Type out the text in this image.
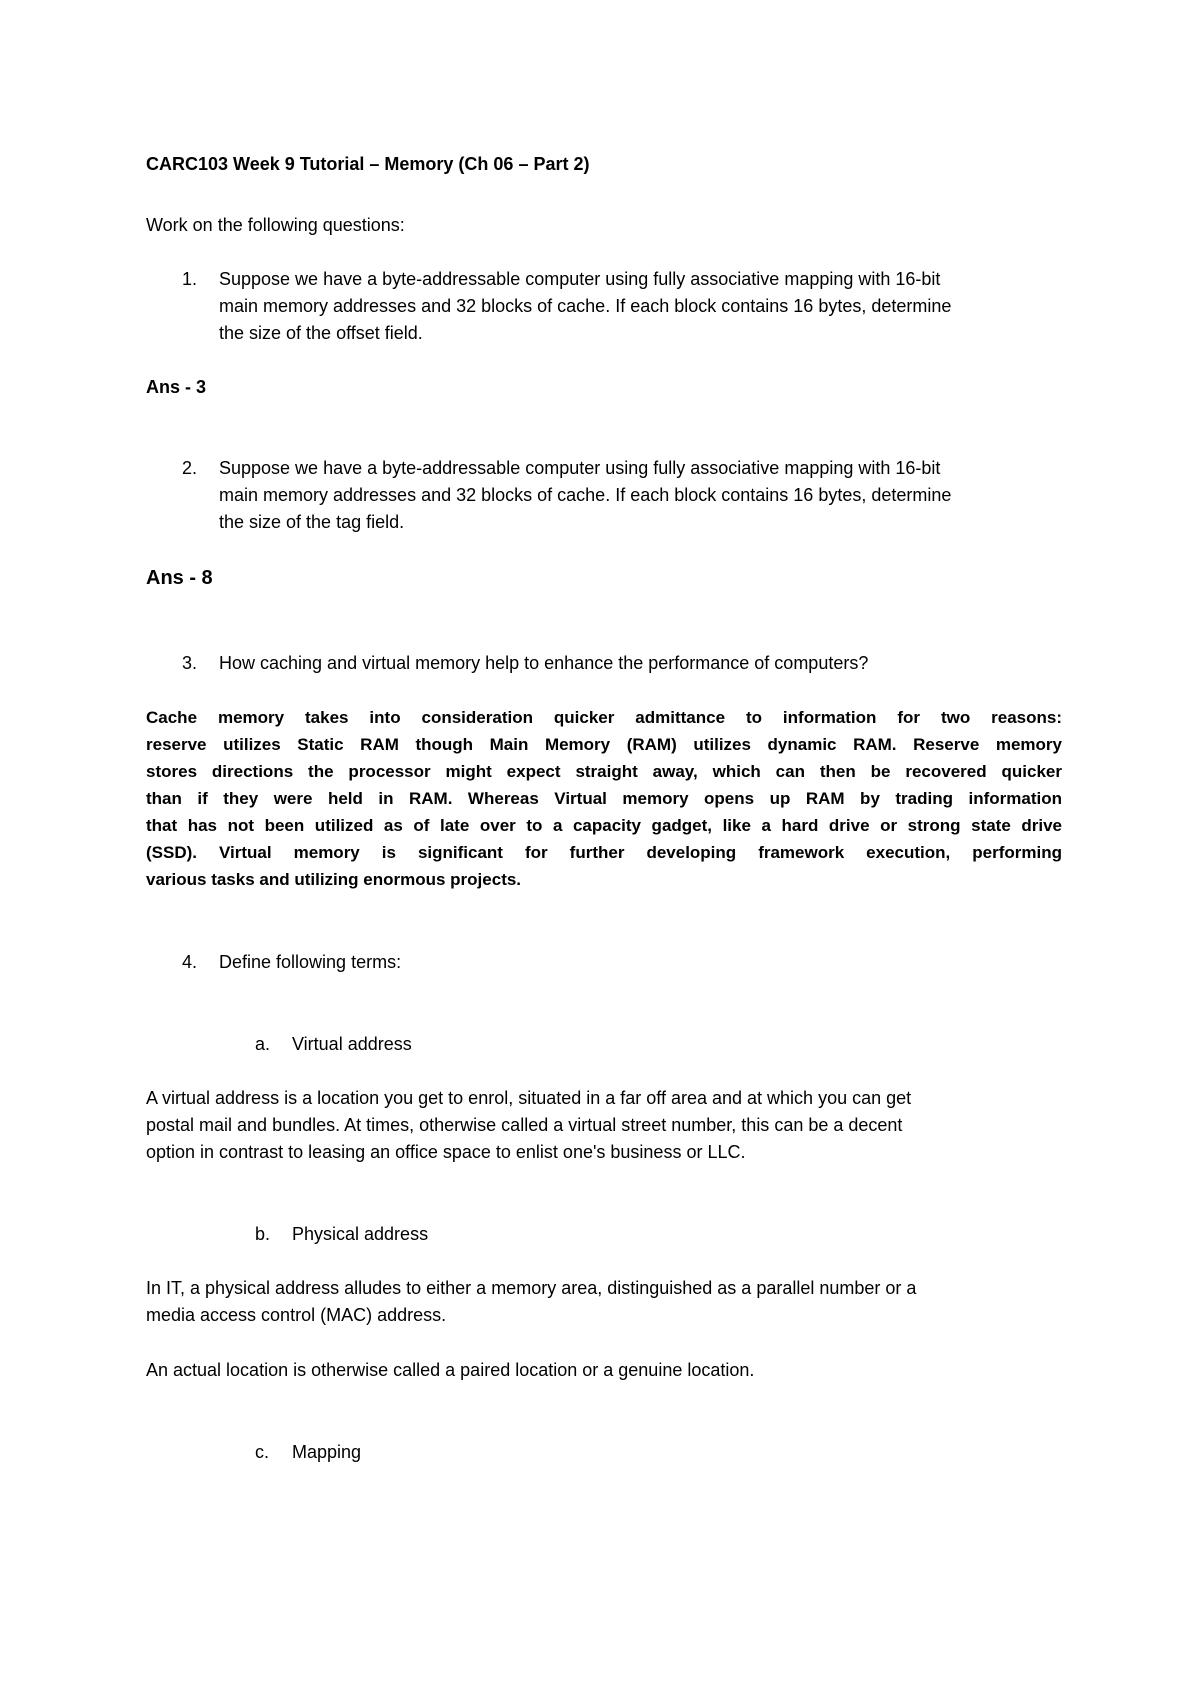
CARC103 Week 9 Tutorial – Memory (Ch 06 – Part 2)

Work on the following questions:

1. Suppose we have a byte-addressable computer using fully associative mapping with 16-bit
main memory addresses and 32 blocks of cache. If each block contains 16 bytes, determine
the size of the offset field.

Ans - 3

2. Suppose we have a byte-addressable computer using fully associative mapping with 16-bit
main memory addresses and 32 blocks of cache. If each block contains 16 bytes, determine
the size of the tag field.

Ans - 8

3. How caching and virtual memory help to enhance the performance of computers?
Cache memory takes into consideration quicker admittance to information for two reasons:
reserve utilizes Static RAM though Main Memory (RAM) utilizes dynamic RAM. Reserve memory
stores directions the processor might expect straight away, which can then be recovered quicker
than if they were held in RAM. Whereas Virtual memory opens up RAM by trading information
that has not been utilized as of late over to a capacity gadget, like a hard drive or strong state drive
(SSD). Virtual memory is significant for further developing framework execution, performing
various tasks and utilizing enormous projects.
4. Define following terms:
a. Virtual address
A virtual address is a location you get to enrol, situated in a far off area and at which you can get
postal mail and bundles. At times, otherwise called a virtual street number, this can be a decent
option in contrast to leasing an office space to enlist one's business or LLC.
b. Physical address
In IT, a physical address alludes to either a memory area, distinguished as a parallel number or a
media access control (MAC) address.

An actual location is otherwise called a paired location or a genuine location.

c. Mapping
